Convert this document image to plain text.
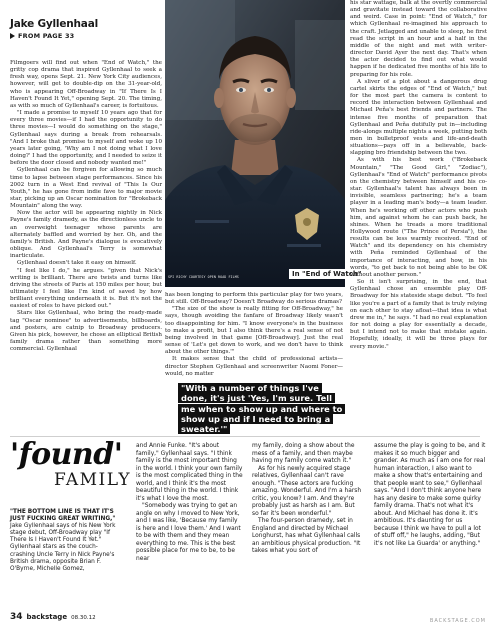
Jake Gyllenhaal
FROM PAGE 33

Filmgoers will find out when "End of Watch," the gritty cop drama that inspired Gyllenhaal to seek a fresh way, opens Sept. 21. New York City audiences, however, will get to double-dip on the 31-year-old, who is appearing Off-Broadway in "If There Is I Haven't Found It Yet," opening Sept. 20. The timing, as with so much of Gyllenhaal's career, is fortuitous.

"I made a promise to myself 10 years ago that for every three movies—if I had the opportunity to do three movies—I would do something on the stage," Gyllenhaal says during a break from rehearsals. "And I broke that promise to myself and woke up 10 years later going, 'Why am I not doing what I love doing?' I had the opportunity, and I needed to seize it before the door closed and nobody wanted me!"

Gyllenhaal can be forgiven for allowing so much time to lapse between stage performances. Since his 2002 turn in a West End revival of "This Is Our Youth," he has gone from indie fave to major movie star, picking up an Oscar nomination for "Brokeback Mountain" along the way.

Now the actor will be appearing nightly in Nick Payne's family dramedy, as the directionless uncle to an overweight teenager whose parents are alternately baffled and worried by her. Oh, and the family's British. And Payne's dialogue is evocatively oblique. And Gyllenhaal's Terry is somewhat inarticulate.

Gyllenhaal doesn't take it easy on himself.

"I feel like I do," he argues. "given that Nick's writing is brilliant. There are twists and turns like driving the streets of Paris at 150 miles per hour, but ultimately I feel like I'm kind of saved by how brilliant everything underneath it is. But it's not the easiest of roles to have picked out."

Stars like Gyllenhaal, who bring the ready-made tag "Oscar nominee" to advertisements, billboards, and posters, are catnip to Broadway producers. Given his pick, however, he chose an elliptical British family drama rather than something more commercial. Gyllenhaal

SPI RICHY COURTESY OPEN ROAD FILMS	In "End of Watch"

has been longing to perform this particular play for two years, but still. Off-Broadway? Doesn't Broadway do serious dramas?

"The size of the show is really fitting for Off-Broadway," he says, though avoiding the fanfare of Broadway likely wasn't too disappointing for him. "I know everyone's in the business to make a profit, but I also think there's a real sense of not being involved in that game [Off-Broadway]. Just the real sense of 'Let's get down to work, and we don't have to think about the other things.'"

It makes sense that the child of professional artists—director Stephen Gyllenhaal and screenwriter Naomi Foner—would, no matter

"With a number of things I've done, it's just 'Yes, I'm sure. Tell me when to show up and where to show up and if I need to bring a sweater.'"

his star wattage, balk at the overtly commercial and gravitate instead toward the collaborative and weird. Case in point: "End of Watch," for which Gyllenhaal re-imagined his approach to the craft. Jetlagged and unable to sleep, he first read the script in an hour and a half in the middle of the night and met with writer-director David Ayer the next day. That's when the actor decided to find out what would happen if he dedicated five months of his life to preparing for his role.

A sliver of a plot about a dangerous drug cartel skirts the edges of "End of Watch," but for the most part the camera is content to record the interaction between Gyllenhaal and Michael Peña's best friends and partners. The intense five months of preparation that Gyllenhaal and Peña dutifully put in—including ride-alongs multiple nights a week, putting both men in bulletproof vests and life-and-death situations—pays off in a believable, back-slapping bro friendship between the two.

As with his best work ("Brokeback Mountain," "The Good Girl," "Zodiac"), Gyllenhaal's "End of Watch" performance pivots on the chemistry between himself and his co-star. Gyllenhaal's talent has always been in invisible, seamless partnering; he's a team player in a leading man's body—a team leader. When he's working off other actors who push him, and against whom he can push back, he shines. When he treads a more traditional Hollywood route ("The Prince of Persia"), the results can be less warmly received. "End of Watch" and its dependency on his chemistry with Peña reminded Gyllenhaal of the importance of interacting, and how, in his words, "to get back to not being able to be OK without another person."

So it isn't surprising, in the end, that Gyllenhaal chose an ensemble play Off-Broadway for his stateside stage debut. "To feel like you're a part of a family that is truly relying on each other to stay afloat—that idea is what drew me in," he says. "I had no real explanation for not doing a play for essentially a decade, but I intend not to make that mistake again. Hopefully, ideally, it will be three plays for every movie."

'found'
FAMILY
"THE BOTTOM LINE IS THAT IT'S JUST FUCKING GREAT WRITING,"
Jake Gyllenhaal says of his New York stage debut, Off-Broadway play "If There Is I Haven't Found It Yet." Gyllenhaal stars as the couch-crashing Uncle Terry in Nick Payne's British drama, opposite Brian F. O'Byrne, Michelle Gomez,

and Annie Funke. "It's about family," Gyllenhaal says. "I think family is the most important thing in the world. I think your own family is the most complicated thing in the world, and I think it's the most beautiful thing in the world. I think it's what I love the most.

"Somebody was trying to get an angle on why I moved to New York, and I was like, 'Because my family is here and I love them.' And I want to be with them and they mean everything to me. This is the best possible place for me to be, to be near

my family, doing a show about the mess of a family, and then maybe having my family come watch it."

As for his newly acquired stage relatives, Gyllenhaal can't rave enough. "These actors are fucking amazing. Wonderful. And I'm a harsh critic, you know? I am. And they're probably just as harsh as I am. But so far it's been wonderful."

The four-person dramedy, set in England and directed by Michael Longhurst, has what Gyllenhaal calls an ambitious physical production. "It takes what you sort of

assume the play is going to be, and it makes it so much bigger and grander. As much as I am one for real human interaction, I also want to make a show that's entertaining and that people want to see," Gyllenhaal says. "And I don't think anyone here has any desire to make some quirky family drama. That's not what it's about. And Michael has done it. It's ambitious. It's daunting for us because I think we have to pull a lot of stuff off," he laughs, adding, "But it's not like La Guarda' or anything."

34 backstage 08.30.12	BACKSTAGE.COM
